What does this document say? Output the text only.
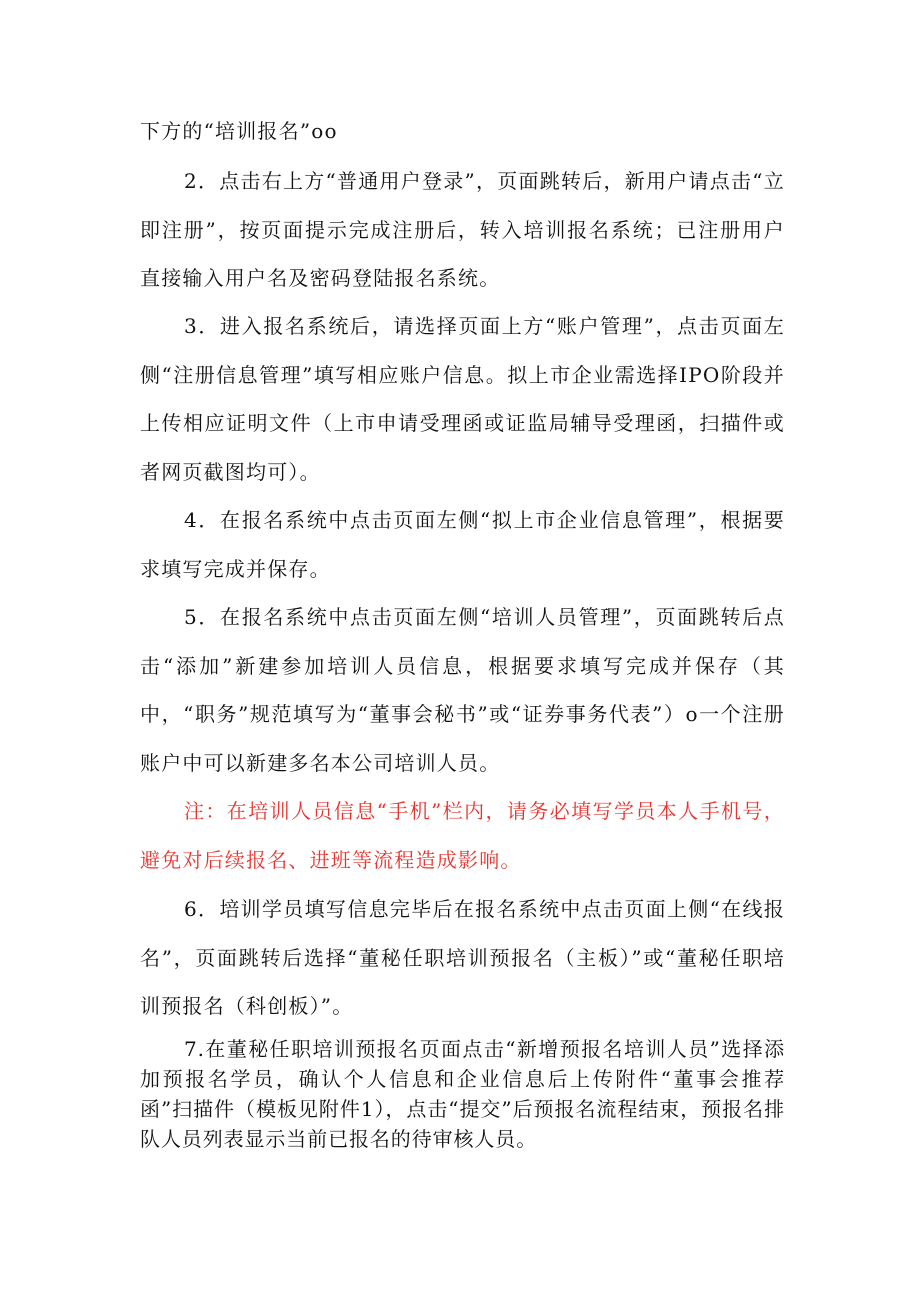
下方的“培训报名”oo

2．点击右上方“普通用户登录”，页面跳转后，新用户请点击“立即注册”，按页面提示完成注册后，转入培训报名系统；已注册用户直接输入用户名及密码登陆报名系统。

3．进入报名系统后，请选择页面上方“账户管理”，点击页面左侧“注册信息管理”填写相应账户信息。拟上市企业需选择IPO阶段并上传相应证明文件（上市申请受理函或证监局辅导受理函，扫描件或者网页截图均可）。

4．在报名系统中点击页面左侧“拟上市企业信息管理”，根据要求填写完成并保存。

5．在报名系统中点击页面左侧“培训人员管理”，页面跳转后点击“添加”新建参加培训人员信息，根据要求填写完成并保存（其中，“职务”规范填写为“董事会秘书”或“证券事务代表”）o一个注册账户中可以新建多名本公司培训人员。

注：在培训人员信息“手机”栏内，请务必填写学员本人手机号，避免对后续报名、进班等流程造成影响。

6．培训学员填写信息完毕后在报名系统中点击页面上侧“在线报名”，页面跳转后选择“董秘任职培训预报名（主板）”或“董秘任职培训预报名（科创板）”。

7.在董秘任职培训预报名页面点击“新增预报名培训人员”选择添加预报名学员，确认个人信息和企业信息后上传附件“董事会推荐函”扫描件（模板见附件1），点击“提交”后预报名流程结束，预报名排队人员列表显示当前已报名的待审核人员。
